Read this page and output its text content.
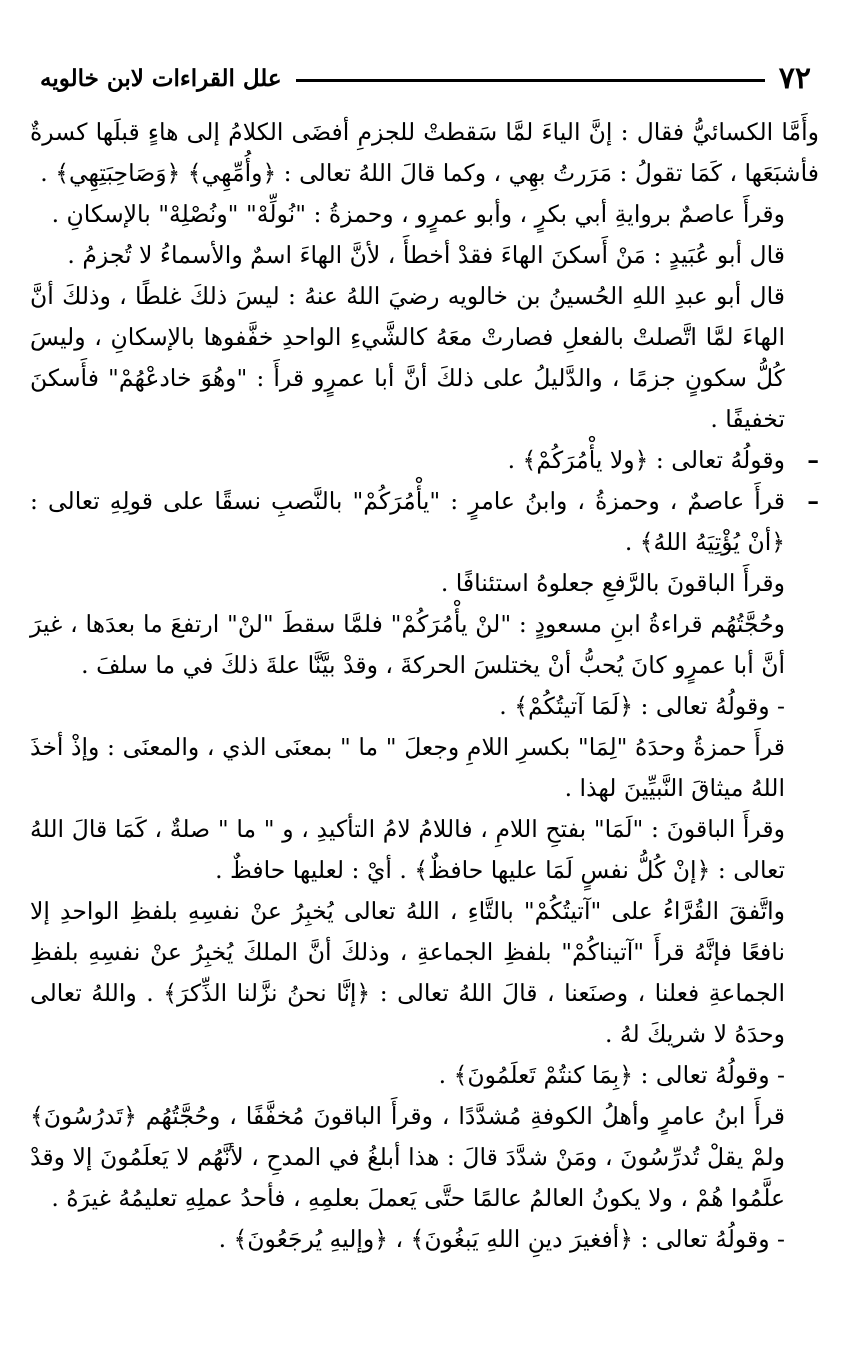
٧٢
علل القراءات لابن خالويه

وأَمَّا الكسائيُّ فقال : إنَّ الياءَ لمَّا سَقطتْ للجزمِ أفضَى الكلامُ إلى هاءٍ قبلَها كسرةٌ فأشبَعَها ، كَمَا تقولُ : مَرَرتُ بهِي ، وكما قالَ اللهُ تعالى : ﴿وأُمِّهِي﴾ ﴿وَصَاحِبَتِهِي﴾ .

وقرأَ عاصمٌ بروايةِ أبي بكرٍ ، وأبو عمرٍو ، وحمزةُ : "نُولِّهْ" "ونُصْلِهْ" بالإسكانِ .

قال أبو عُبَيدٍ : مَنْ أَسكنَ الهاءَ فقدْ أخطأَ ، لأنَّ الهاءَ اسمٌ والأسماءُ لا تُجزمُ .

قال أبو عبدِ اللهِ الحُسينُ بن خالويه رضيَ اللهُ عنهُ : ليسَ ذلكَ غلطًا ، وذلكَ أنَّ الهاءَ لمَّا اتَّصلتْ بالفعلِ فصارتْ معَهُ كالشَّيءِ الواحدِ خفَّفوها بالإسكانِ ، وليسَ كُلُّ سكونٍ جزمًا ، والدَّليلُ على ذلكَ أنَّ أبا عمرٍو قرأَ : "وهُوَ خادعْهُمْ" فأَسكنَ تخفيفًا .

–
وقولُهُ تعالى : ﴿ولا يأْمُرَكُمْ﴾ .
–
قرأَ عاصمٌ ، وحمزةُ ، وابنُ عامرٍ : "يأْمُرَكُمْ" بالنَّصبِ نسقًا على قولِهِ تعالى : ﴿أنْ يُؤْتِيَهُ اللهُ﴾ .

وقرأَ الباقونَ بالرَّفعِ جعلوهُ استئنافًا .

وحُجَّتُهُم قراءةُ ابنِ مسعودٍ : "لنْ يأْمُرَكُمْ" فلمَّا سقطَ "لنْ" ارتفعَ ما بعدَها ، غيرَ أنَّ أبا عمرٍو كانَ يُحبُّ أنْ يختلسَ الحركةَ ، وقدْ بيَّنَّا علةَ ذلكَ في ما سلفَ .

- وقولُهُ تعالى : ﴿لَمَا آتيتُكُمْ﴾ .

قرأَ حمزةُ وحدَهُ "لِمَا" بكسرِ اللامِ وجعلَ " ما " بمعنَى الذي ، والمعنَى : وإذْ أخذَ اللهُ ميثاقَ النَّبيِّينَ لهذا .

وقرأَ الباقونَ : "لَمَا" بفتحِ اللامِ ، فاللامُ لامُ التأكيدِ ، و " ما " صلةٌ ، كَمَا قالَ اللهُ تعالى : ﴿إنْ كُلُّ نفسٍ لَمَا عليها حافظٌ﴾ . أيْ : لعليها حافظٌ .

واتَّفقَ القُرَّاءُ على "آتيتُكُمْ" بالتَّاءِ ، اللهُ تعالى يُخبِرُ عنْ نفسِهِ بلفظِ الواحدِ إلا نافعًا فإنَّهُ قرأَ "آتيناكُمْ" بلفظِ الجماعةِ ، وذلكَ أنَّ الملكَ يُخبِرُ عنْ نفسِهِ بلفظِ الجماعةِ فعلنا ، وصنَعنا ، قالَ اللهُ تعالى : ﴿إنَّا نحنُ نزَّلنا الذِّكرَ﴾ . واللهُ تعالى وحدَهُ لا شريكَ لهُ .

- وقولُهُ تعالى : ﴿بِمَا كنتُمْ تَعلَمُونَ﴾ .

قرأَ ابنُ عامرٍ وأهلُ الكوفةِ مُشدَّدًا ، وقرأَ الباقونَ مُخفَّفًا ، وحُجَّتُهُم ﴿تَدرُسُونَ﴾ ولمْ يقلْ تُدرِّسُونَ ، ومَنْ شدَّدَ قالَ : هذا أبلغُ في المدحِ ، لأنَّهُم لا يَعلَمُونَ إلا وقدْ علَّمُوا هُمْ ، ولا يكونُ العالمُ عالمًا حتَّى يَعملَ بعلمِهِ ، فأحدُ عملِهِ تعليمُهُ غيرَهُ .

- وقولُهُ تعالى : ﴿أفغيرَ دينِ اللهِ يَبغُونَ﴾ ، ﴿وإليهِ يُرجَعُونَ﴾ .
